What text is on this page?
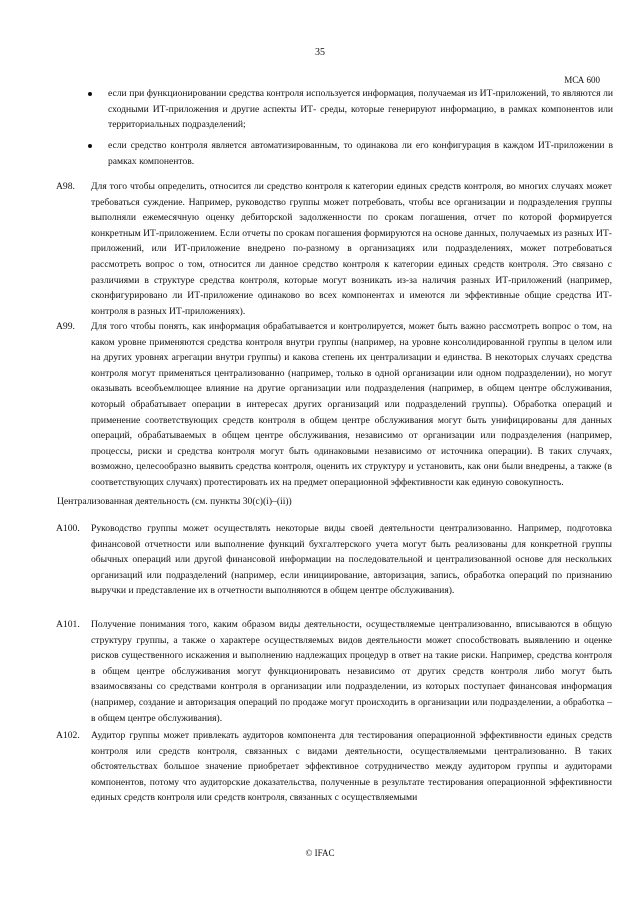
35
МСА 600
если при функционировании средства контроля используется информация, получаемая из ИТ-приложений, то являются ли сходными ИТ-приложения и другие аспекты ИТ- среды, которые генерируют информацию, в рамках компонентов или территориальных подразделений;
если средство контроля является автоматизированным, то одинакова ли его конфигурация в каждом ИТ-приложении в рамках компонентов.
A98. Для того чтобы определить, относится ли средство контроля к категории единых средств контроля, во многих случаях может требоваться суждение. Например, руководство группы может потребовать, чтобы все организации и подразделения группы выполняли ежемесячную оценку дебиторской задолженности по срокам погашения, отчет по которой формируется конкретным ИТ-приложением. Если отчеты по срокам погашения формируются на основе данных, получаемых из разных ИТ-приложений, или ИТ-приложение внедрено по-разному в организациях или подразделениях, может потребоваться рассмотреть вопрос о том, относится ли данное средство контроля к категории единых средств контроля. Это связано с различиями в структуре средства контроля, которые могут возникать из-за наличия разных ИТ-приложений (например, сконфигурировано ли ИТ-приложение одинаково во всех компонентах и имеются ли эффективные общие средства ИТ-контроля в разных ИТ-приложениях).
A99. Для того чтобы понять, как информация обрабатывается и контролируется, может быть важно рассмотреть вопрос о том, на каком уровне применяются средства контроля внутри группы (например, на уровне консолидированной группы в целом или на других уровнях агрегации внутри группы) и какова степень их централизации и единства. В некоторых случаях средства контроля могут применяться централизованно (например, только в одной организации или одном подразделении), но могут оказывать всеобъемлющее влияние на другие организации или подразделения (например, в общем центре обслуживания, который обрабатывает операции в интересах других организаций или подразделений группы). Обработка операций и применение соответствующих средств контроля в общем центре обслуживания могут быть унифицированы для данных операций, обрабатываемых в общем центре обслуживания, независимо от организации или подразделения (например, процессы, риски и средства контроля могут быть одинаковыми независимо от источника операции). В таких случаях, возможно, целесообразно выявить средства контроля, оценить их структуру и установить, как они были внедрены, а также (в соответствующих случаях) протестировать их на предмет операционной эффективности как единую совокупность.
Централизованная деятельность (см. пункты 30(с)(i)–(ii))
A100. Руководство группы может осуществлять некоторые виды своей деятельности централизованно. Например, подготовка финансовой отчетности или выполнение функций бухгалтерского учета могут быть реализованы для конкретной группы обычных операций или другой финансовой информации на последовательной и централизованной основе для нескольких организаций или подразделений (например, если инициирование, авторизация, запись, обработка операций по признанию выручки и представление их в отчетности выполняются в общем центре обслуживания).
A101. Получение понимания того, каким образом виды деятельности, осуществляемые централизованно, вписываются в общую структуру группы, а также о характере осуществляемых видов деятельности может способствовать выявлению и оценке рисков существенного искажения и выполнению надлежащих процедур в ответ на такие риски. Например, средства контроля в общем центре обслуживания могут функционировать независимо от других средств контроля либо могут быть взаимосвязаны со средствами контроля в организации или подразделении, из которых поступает финансовая информация (например, создание и авторизация операций по продаже могут происходить в организации или подразделении, а обработка – в общем центре обслуживания).
A102. Аудитор группы может привлекать аудиторов компонента для тестирования операционной эффективности единых средств контроля или средств контроля, связанных с видами деятельности, осуществляемыми централизованно. В таких обстоятельствах большое значение приобретает эффективное сотрудничество между аудитором группы и аудиторами компонентов, потому что аудиторские доказательства, полученные в результате тестирования операционной эффективности единых средств контроля или средств контроля, связанных с осуществляемыми
© IFAC
